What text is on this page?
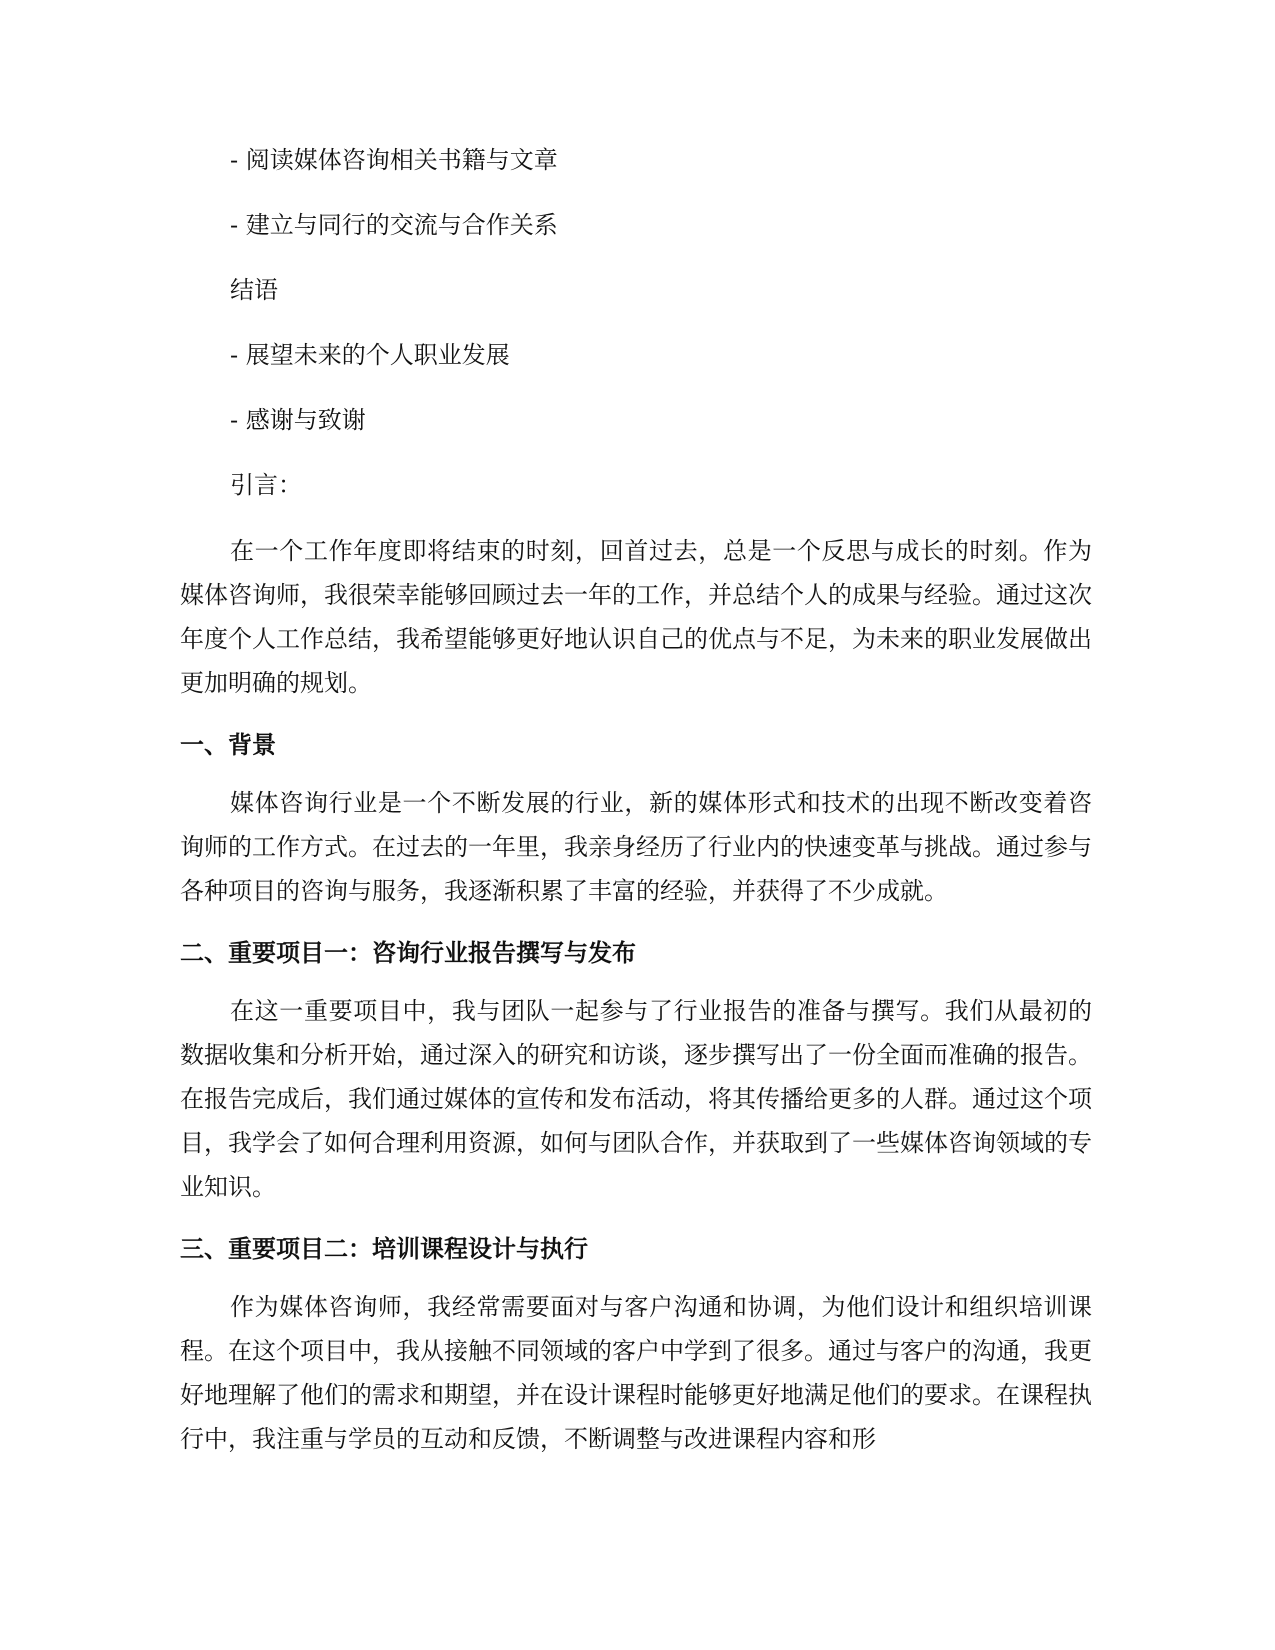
- 阅读媒体咨询相关书籍与文章
- 建立与同行的交流与合作关系
结语
- 展望未来的个人职业发展
- 感谢与致谢
引言：

在一个工作年度即将结束的时刻，回首过去，总是一个反思与成长的时刻。作为媒体咨询师，我很荣幸能够回顾过去一年的工作，并总结个人的成果与经验。通过这次年度个人工作总结，我希望能够更好地认识自己的优点与不足，为未来的职业发展做出更加明确的规划。

一、背景

媒体咨询行业是一个不断发展的行业，新的媒体形式和技术的出现不断改变着咨询师的工作方式。在过去的一年里，我亲身经历了行业内的快速变革与挑战。通过参与各种项目的咨询与服务，我逐渐积累了丰富的经验，并获得了不少成就。

二、重要项目一：咨询行业报告撰写与发布

在这一重要项目中，我与团队一起参与了行业报告的准备与撰写。我们从最初的数据收集和分析开始，通过深入的研究和访谈，逐步撰写出了一份全面而准确的报告。在报告完成后，我们通过媒体的宣传和发布活动，将其传播给更多的人群。通过这个项目，我学会了如何合理利用资源，如何与团队合作，并获取到了一些媒体咨询领域的专业知识。

三、重要项目二：培训课程设计与执行

作为媒体咨询师，我经常需要面对与客户沟通和协调，为他们设计和组织培训课程。在这个项目中，我从接触不同领域的客户中学到了很多。通过与客户的沟通，我更好地理解了他们的需求和期望，并在设计课程时能够更好地满足他们的要求。在课程执行中，我注重与学员的互动和反馈，不断调整与改进课程内容和形
